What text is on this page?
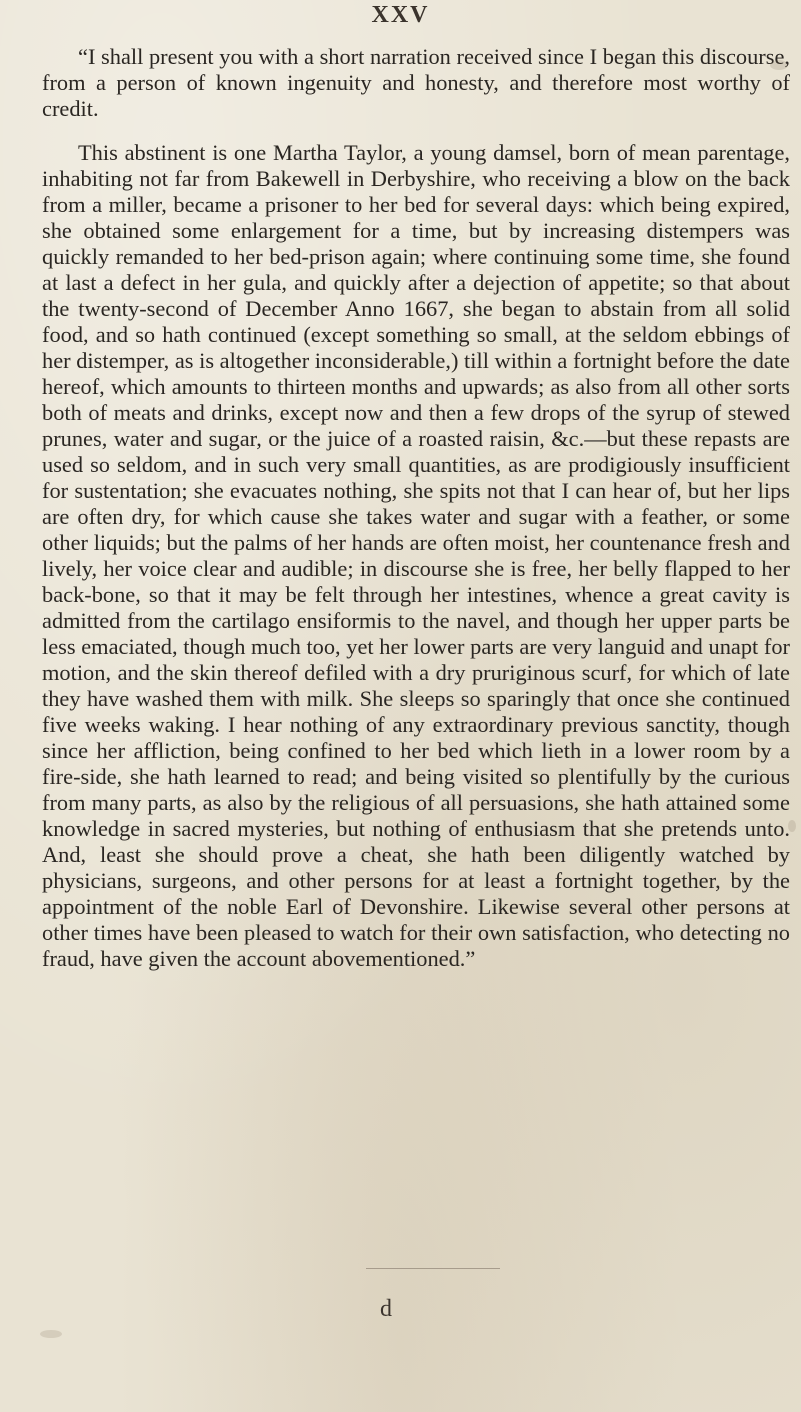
XXV

“I shall present you with a short narration received since I began this discourse, from a person of known ingenuity and honesty, and therefore most worthy of credit.

This abstinent is one Martha Taylor, a young damsel, born of mean parentage, inhabiting not far from Bakewell in Derbyshire, who receiving a blow on the back from a miller, became a prisoner to her bed for several days: which being expired, she obtained some enlargement for a time, but by increasing distempers was quickly remanded to her bed-prison again; where continuing some time, she found at last a defect in her gula, and quickly after a dejection of appetite; so that about the twenty-second of December Anno 1667, she began to abstain from all solid food, and so hath continued (except something so small, at the seldom ebbings of her distemper, as is altogether inconsiderable,) till within a fortnight before the date hereof, which amounts to thirteen months and upwards; as also from all other sorts both of meats and drinks, except now and then a few drops of the syrup of stewed prunes, water and sugar, or the juice of a roasted raisin, &c.—but these repasts are used so seldom, and in such very small quantities, as are prodigiously insufficient for sustentation; she evacuates nothing, she spits not that I can hear of, but her lips are often dry, for which cause she takes water and sugar with a feather, or some other liquids; but the palms of her hands are often moist, her countenance fresh and lively, her voice clear and audible; in discourse she is free, her belly flapped to her back-bone, so that it may be felt through her intestines, whence a great cavity is admitted from the cartilago ensiformis to the navel, and though her upper parts be less emaciated, though much too, yet her lower parts are very languid and unapt for motion, and the skin thereof defiled with a dry pruriginous scurf, for which of late they have washed them with milk. She sleeps so sparingly that once she continued five weeks waking. I hear nothing of any extraordinary previous sanctity, though since her affliction, being confined to her bed which lieth in a lower room by a fire-side, she hath learned to read; and being visited so plentifully by the curious from many parts, as also by the religious of all persuasions, she hath attained some knowledge in sacred mysteries, but nothing of enthusiasm that she pretends unto. And, least she should prove a cheat, she hath been diligently watched by physicians, surgeons, and other persons for at least a fortnight together, by the appointment of the noble Earl of Devonshire. Likewise several other persons at other times have been pleased to watch for their own satisfaction, who detecting no fraud, have given the account abovementioned.”

d
